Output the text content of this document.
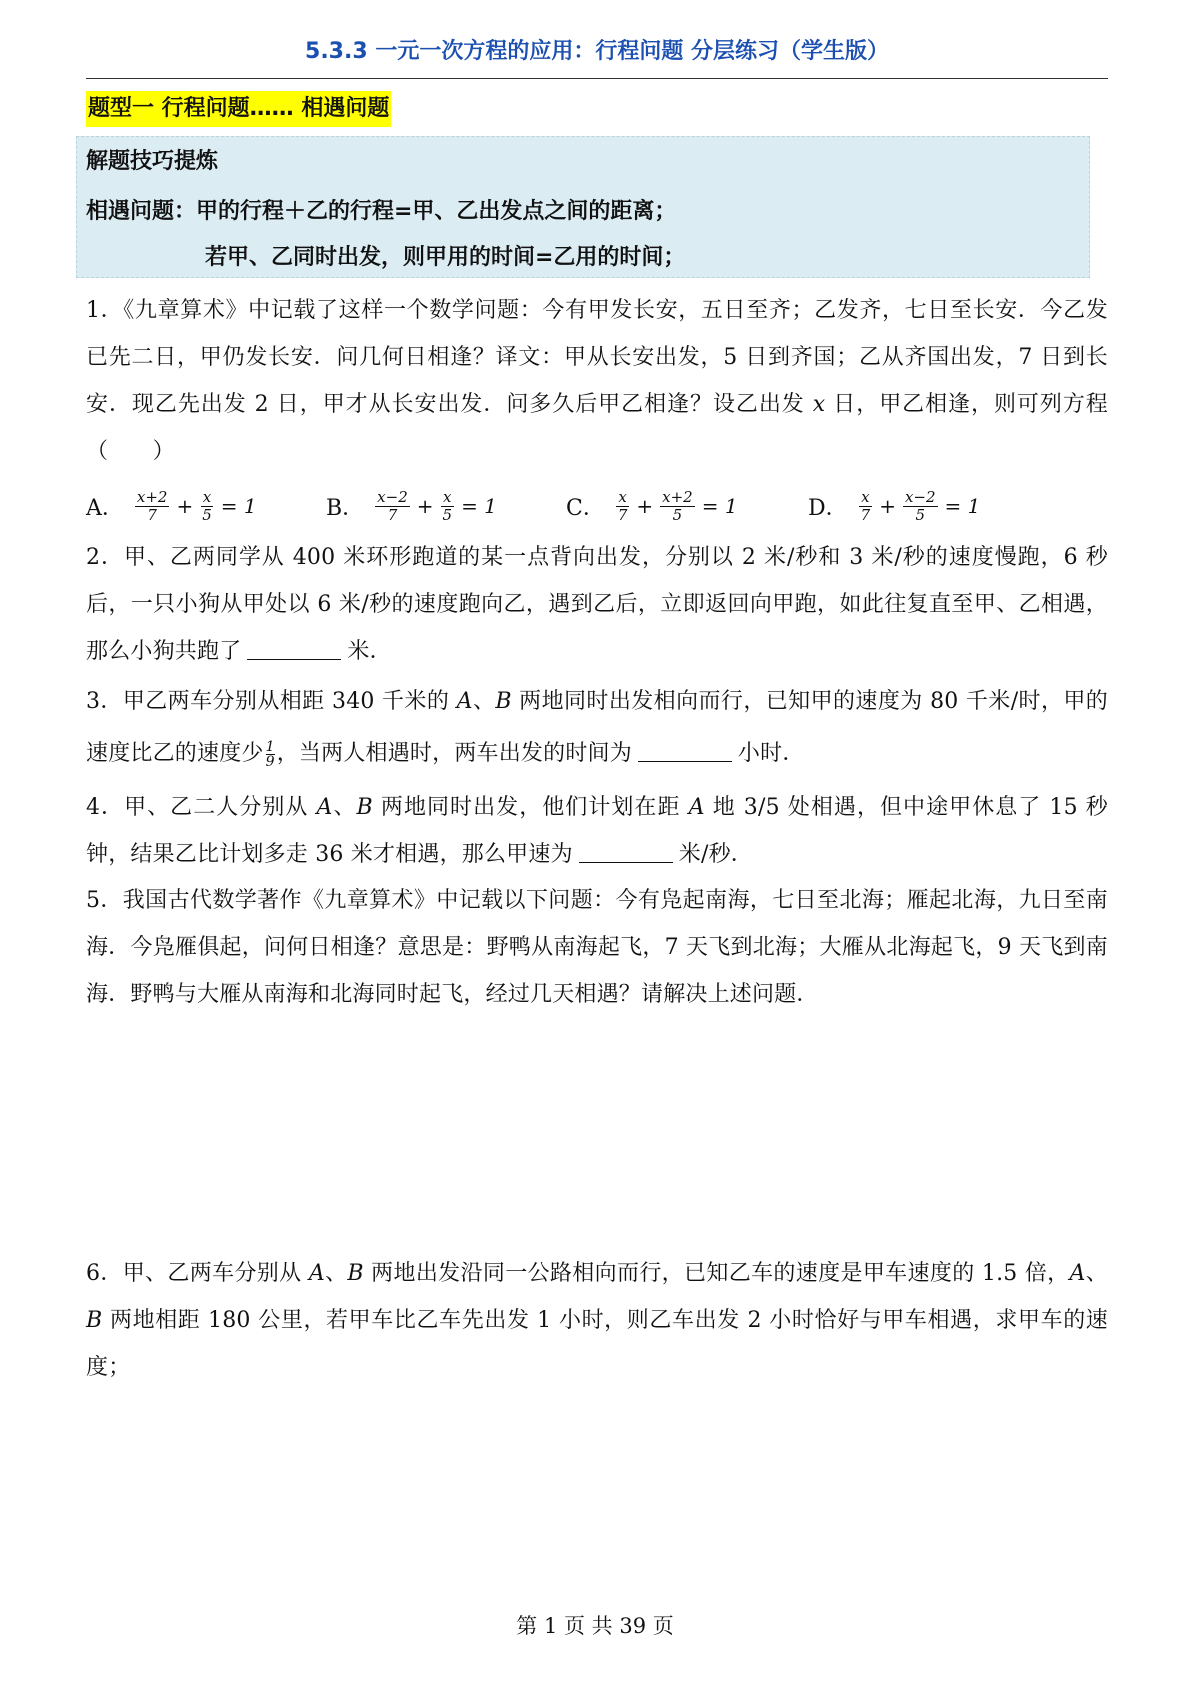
5.3.3 一元一次方程的应用：行程问题 分层练习（学生版）
题型一 行程问题…… 相遇问题
解题技巧提炼
相遇问题：甲的行程＋乙的行程=甲、乙出发点之间的距离；
若甲、乙同时出发，则甲用的时间=乙用的时间；
1．《九章算术》中记载了这样一个数学问题：今有甲发长安，五日至齐；乙发齐，七日至长安．今乙发已先二日，甲仍发长安．问几何日相逢？译文：甲从长安出发，5 日到齐国；乙从齐国出发，7 日到长安．现乙先出发 2 日，甲才从长安出发．问多久后甲乙相逢？设乙出发 x 日，甲乙相逢，则可列方程（　　）
A． $\frac{x+2}{7} + \frac{x}{5} = 1$	B． $\frac{x-2}{7} + \frac{x}{5} = 1$	C． $\frac{x}{7} + \frac{x+2}{5} = 1$	D． $\frac{x}{7} + \frac{x-2}{5} = 1$
2．甲、乙两同学从 400 米环形跑道的某一点背向出发，分别以 2 米/秒和 3 米/秒的速度慢跑，6 秒后，一只小狗从甲处以 6 米/秒的速度跑向乙，遇到乙后，立即返回向甲跑，如此往复直至甲、乙相遇，那么小狗共跑了	米．
3．甲乙两车分别从相距 340 千米的 A、B 两地同时出发相向而行，已知甲的速度为 80 千米/时，甲的速度比乙的速度少 $\frac{1}{9}$ ，当两人相遇时，两车出发的时间为	小时．
4．甲、乙二人分别从 A、B 两地同时出发，他们计划在距 A 地 3/5 处相遇，但中途甲休息了 15 秒钟，结果乙比计划多走 36 米才相遇，那么甲速为	米/秒．
5．我国古代数学著作《九章算术》中记载以下问题：今有凫起南海，七日至北海；雁起北海，九日至南海．今凫雁俱起，问何日相逢？意思是：野鸭从南海起飞，7 天飞到北海；大雁从北海起飞，9 天飞到南海．野鸭与大雁从南海和北海同时起飞，经过几天相遇？请解决上述问题．
6．甲、乙两车分别从 A、B 两地出发沿同一公路相向而行，已知乙车的速度是甲车速度的 1.5 倍，A、B 两地相距 180 公里，若甲车比乙车先出发 1 小时，则乙车出发 2 小时恰好与甲车相遇，求甲车的速度；
第 1 页 共 39 页
